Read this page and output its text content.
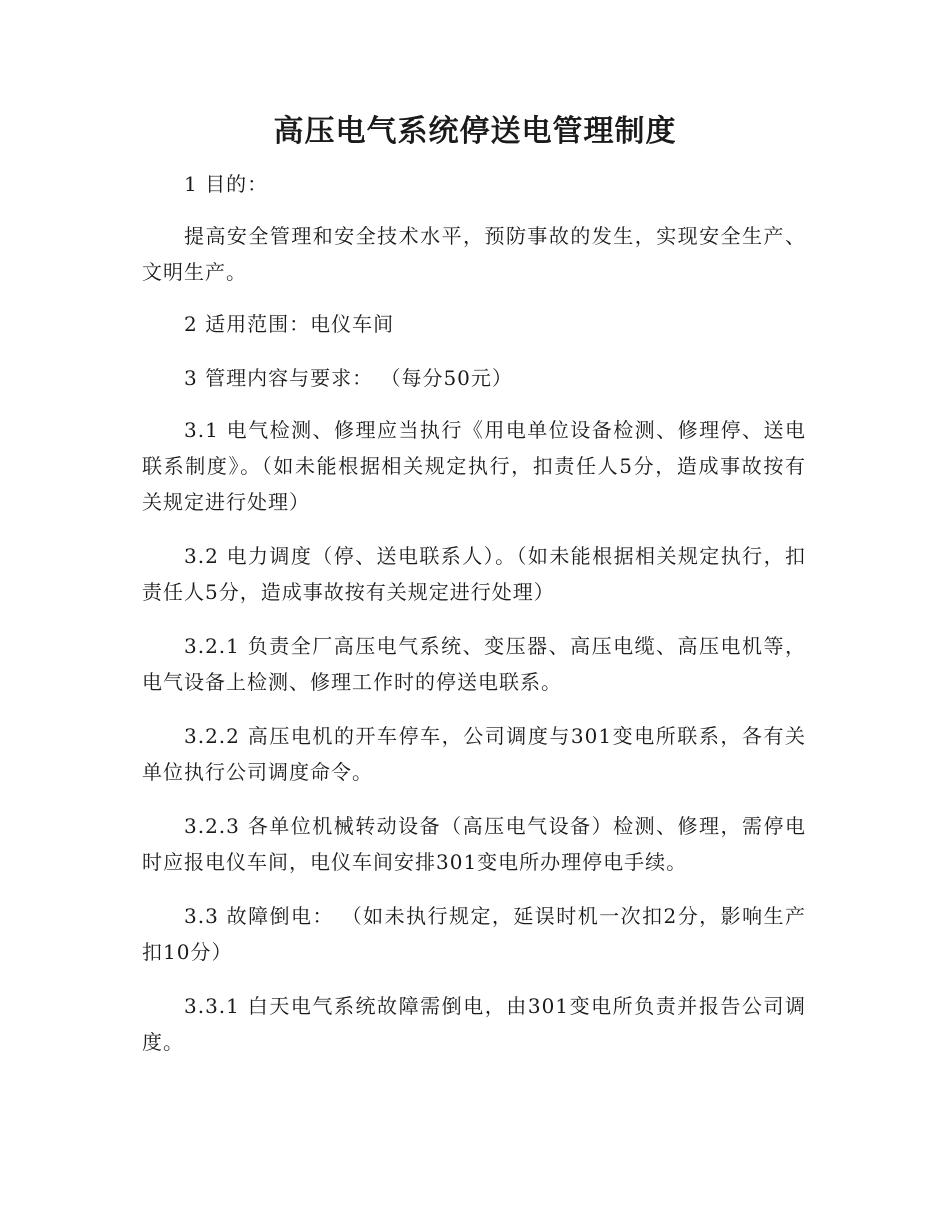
高压电气系统停送电管理制度

1 目的：

提高安全管理和安全技术水平，预防事故的发生，实现安全生产、文明生产。

2 适用范围：电仪车间

3 管理内容与要求： （每分50元）

3.1 电气检测、修理应当执行《用电单位设备检测、修理停、送电联系制度》。（如未能根据相关规定执行，扣责任人5分，造成事故按有关规定进行处理）

3.2 电力调度（停、送电联系人）。（如未能根据相关规定执行，扣责任人5分，造成事故按有关规定进行处理）

3.2.1 负责全厂高压电气系统、变压器、高压电缆、高压电机等，电气设备上检测、修理工作时的停送电联系。

3.2.2 高压电机的开车停车，公司调度与301变电所联系，各有关单位执行公司调度命令。

3.2.3 各单位机械转动设备（高压电气设备）检测、修理，需停电时应报电仪车间，电仪车间安排301变电所办理停电手续。

3.3 故障倒电： （如未执行规定，延误时机一次扣2分，影响生产扣10分）

3.3.1 白天电气系统故障需倒电，由301变电所负责并报告公司调度。
